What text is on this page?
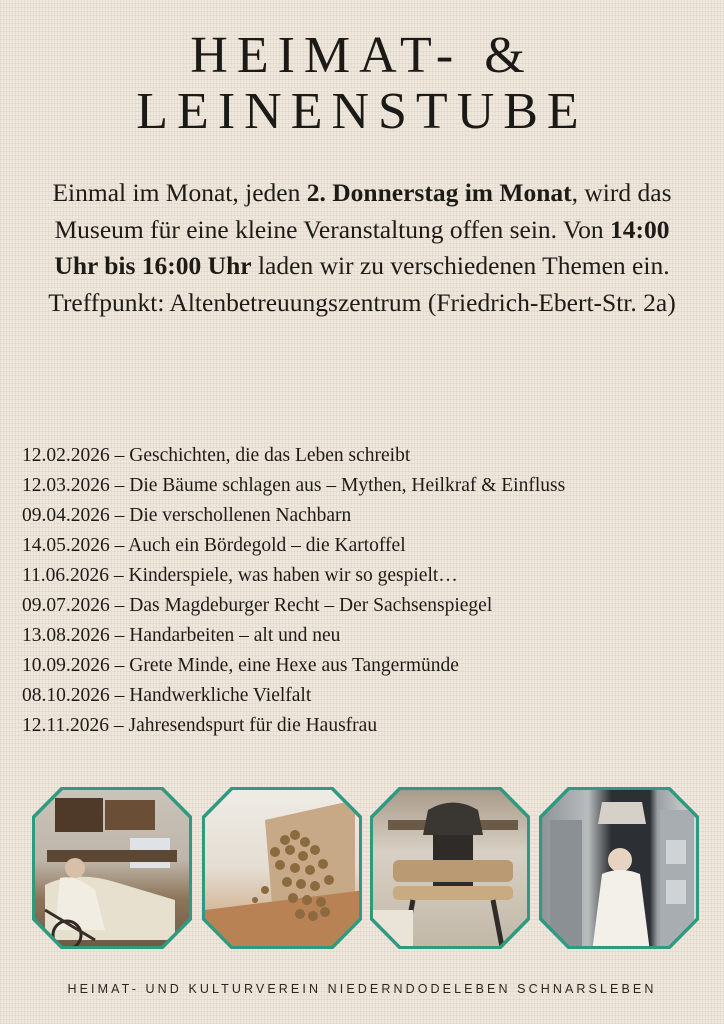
HEIMAT- &
LEINENSTUBE
Einmal im Monat, jeden 2. Donnerstag im Monat, wird das Museum für eine kleine Veranstaltung offen sein. Von 14:00 Uhr bis 16:00 Uhr laden wir zu verschiedenen Themen ein.
Treffpunkt: Altenbetreuungszentrum (Friedrich-Ebert-Str. 2a)
12.02.2026 – Geschichten, die das Leben schreibt
12.03.2026 – Die Bäume schlagen aus – Mythen, Heilkraf & Einfluss
09.04.2026 – Die verschollenen Nachbarn
14.05.2026 – Auch ein Bördegold – die Kartoffel
11.06.2026 – Kinderspiele, was haben wir so gespielt…
09.07.2026 – Das Magdeburger Recht – Der Sachsenspiegel
13.08.2026 – Handarbeiten – alt und neu
10.09.2026 – Grete Minde, eine Hexe aus Tangermünde
08.10.2026 – Handwerkliche Vielfalt
12.11.2026 – Jahresendspurt für die Hausfrau
HEIMAT- UND KULTURVEREIN NIEDERNDODELEBEN SCHNARSLEBEN
